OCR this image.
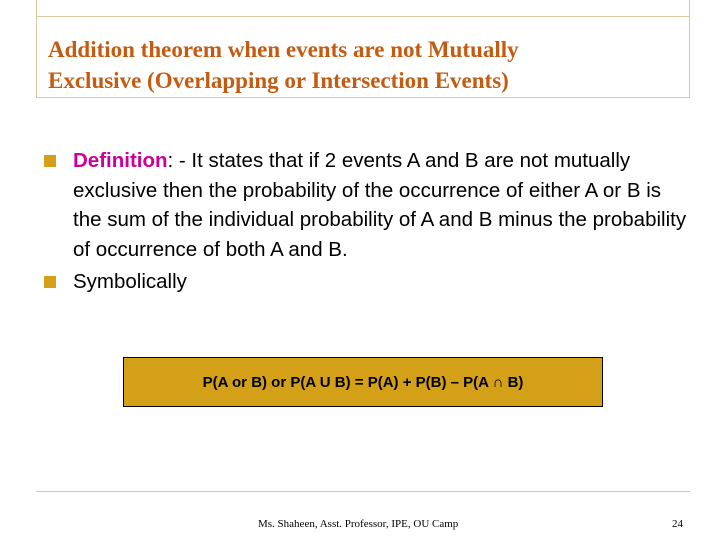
Addition theorem when events are not Mutually
Exclusive (Overlapping or Intersection Events)
Definition: - It states that if 2 events A and B are not mutually exclusive then the probability of the occurrence of either A or B is the sum of the individual probability of A and B minus the probability of occurrence of both A and B.
Symbolically
P(A or B) or P(A U B) = P(A) + P(B) – P(A ∩ B)
Ms. Shaheen, Asst. Professor, IPE, OU Camp	24
